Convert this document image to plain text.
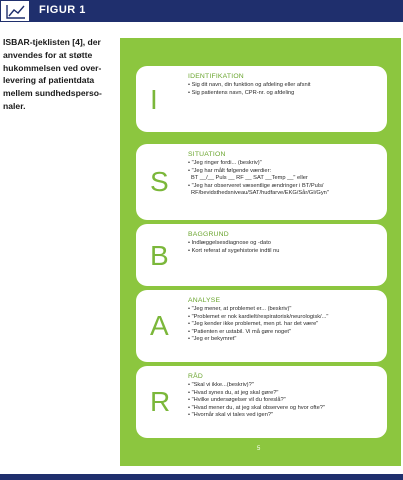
FIGUR 1
ISBAR-tjeklisten [4], der
anvendes for at støtte
hukommelsen ved over-
levering af patientdata
mellem sundhedsperso-
naler.	I
IDENTIFIKATION
• Sig dit navn, din funktion og afdeling eller afsnit
• Sig patientens navn, CPR-nr. og afdeling
S
SITUATION
• "Jeg ringer fordi... (beskriv)"
• "Jeg har målt følgende værdier:
BT __/__ Puls __ RF __ SAT __Temp __" eller
• "Jeg har observeret væsentlige ændringer i BT/Puls/
RF/bevidsthedsniveau/SAT/hudfarve/EKG/Sår/GI/Gyn"
B
BAGGRUND
• Indlæggelsesdiagnose og -dato
• Kort referat af sygehistorie indtil nu
A
ANALYSE
• "Jeg mener, at problemet er... (beskriv)"
• "Problemet er nok kardielt/respiratorisk/neurologisk/..."
• "Jeg kender ikke problemet, men pt. har det være"
• "Patienten er ustabil. Vi må gøre noget"
• "Jeg er bekymret"
R
RÅD
• "Skal vi ikke...(beskriv)?"
• "Hvad synes du, at jeg skal gøre?"
• "Hvilke undersøgelser vil du foreslå?"
• "Hvad mener du, at jeg skal observere og hvor ofte?"
• "Hvornår skal vi tales ved igen?"
5
